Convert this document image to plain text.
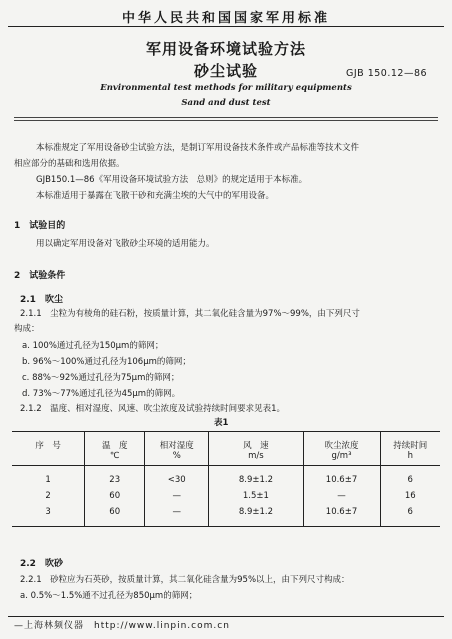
中华人民共和国国家军用标准
军用设备环境试验方法
砂尘试验	GJB 150.12—86
Environmental test methods for military equipments
Sand and dust test
本标准规定了军用设备砂尘试验方法，是制订军用设备技术条件或产品标准等技术文件
相应部分的基础和选用依据。
GJB150.1—86《军用设备环境试验方法　总则》的规定适用于本标准。
本标准适用于暴露在飞散干砂和充满尘埃的大气中的军用设备。
1　试验目的
用以确定军用设备对飞散砂尘环境的适用能力。
2　试验条件
2.1　吹尘
2.1.1　尘粒为有棱角的硅石粉，按质量计算，其二氧化硅含量为97%～99%，由下列尺寸
构成：
a. 100%通过孔径为150μm的筛网；
b. 96%～100%通过孔径为106μm的筛网；
c. 88%～92%通过孔径为75μm的筛网；
d. 73%～77%通过孔径为45μm的筛网。
2.1.2　温度、相对湿度、风速、吹尘浓度及试验持续时间要求见表1。
表1
序　号	温　度	相对湿度	风　速	吹尘浓度	持续时间
	℃	%	m/s	g/m³	h
1	23	<30	8.9±1.2	10.6±7	6
2	60	—	1.5±1	—	16
3	60	—	8.9±1.2	10.6±7	6
2.2　吹砂
2.2.1　砂粒应为石英砂，按质量计算，其二氧化硅含量为95%以上，由下列尺寸构成：
a. 0.5%～1.5%通不过孔径为850μm的筛网；
—上海林频仪器　http://www.linpin.com.cn
